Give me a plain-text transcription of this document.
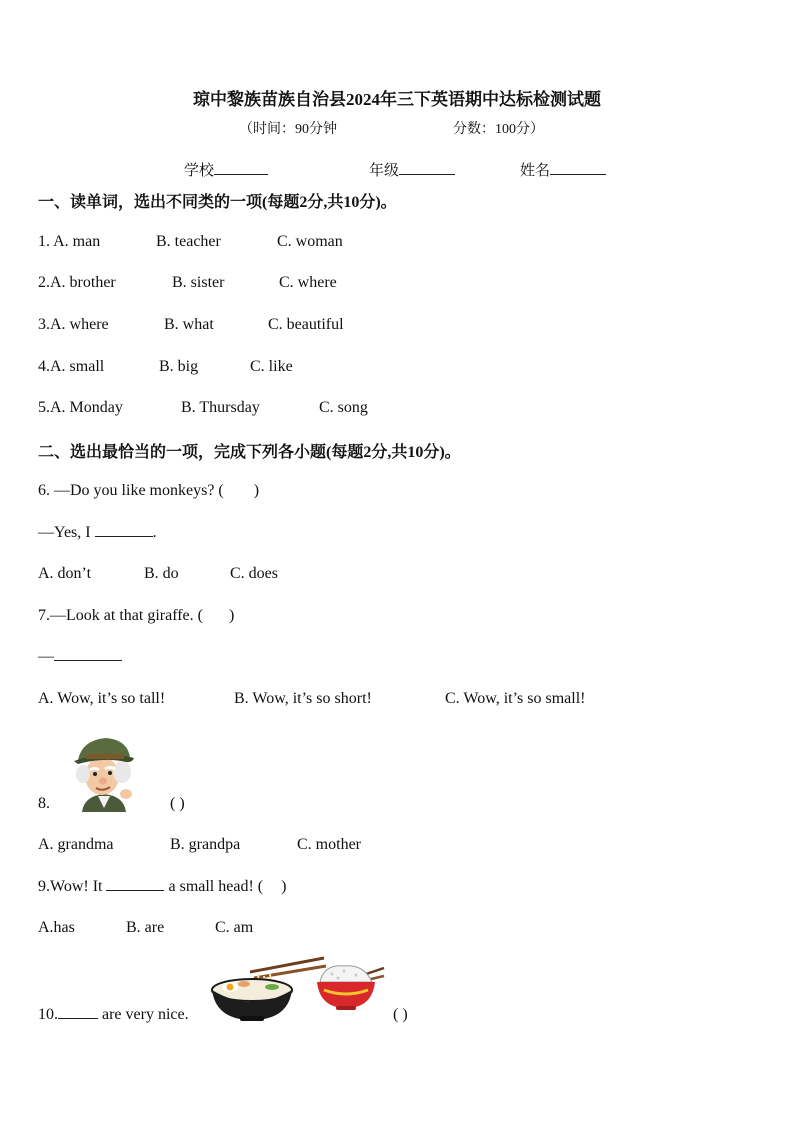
琼中黎族苗族自治县2024年三下英语期中达标检测试题
（时间：90分钟	分数：100分）
学校	年级	姓名
一、读单词，选出不同类的一项(每题2分,共10分)。
1. A. man	B. teacher	C. woman
2.A. brother	B. sister	C. where
3.A. where	B. what	C. beautiful
4.A. small	B. big	C. like
5.A. Monday	B. Thursday	C. song
二、选出最恰当的一项，完成下列各小题(每题2分,共10分)。
6. —Do you like monkeys? ( )
—Yes, I	.
A. don’t	B. do	C. does
7.—Look at that giraffe. ( )
—
A. Wow, it’s so tall!	B. Wow, it’s so short!	C. Wow, it’s so small!
8.	( )
A. grandma	B. grandpa	C. mother
9.Wow! It	a small head! ( )
A.has	B. are	C. am
10.	are very nice.	( )
